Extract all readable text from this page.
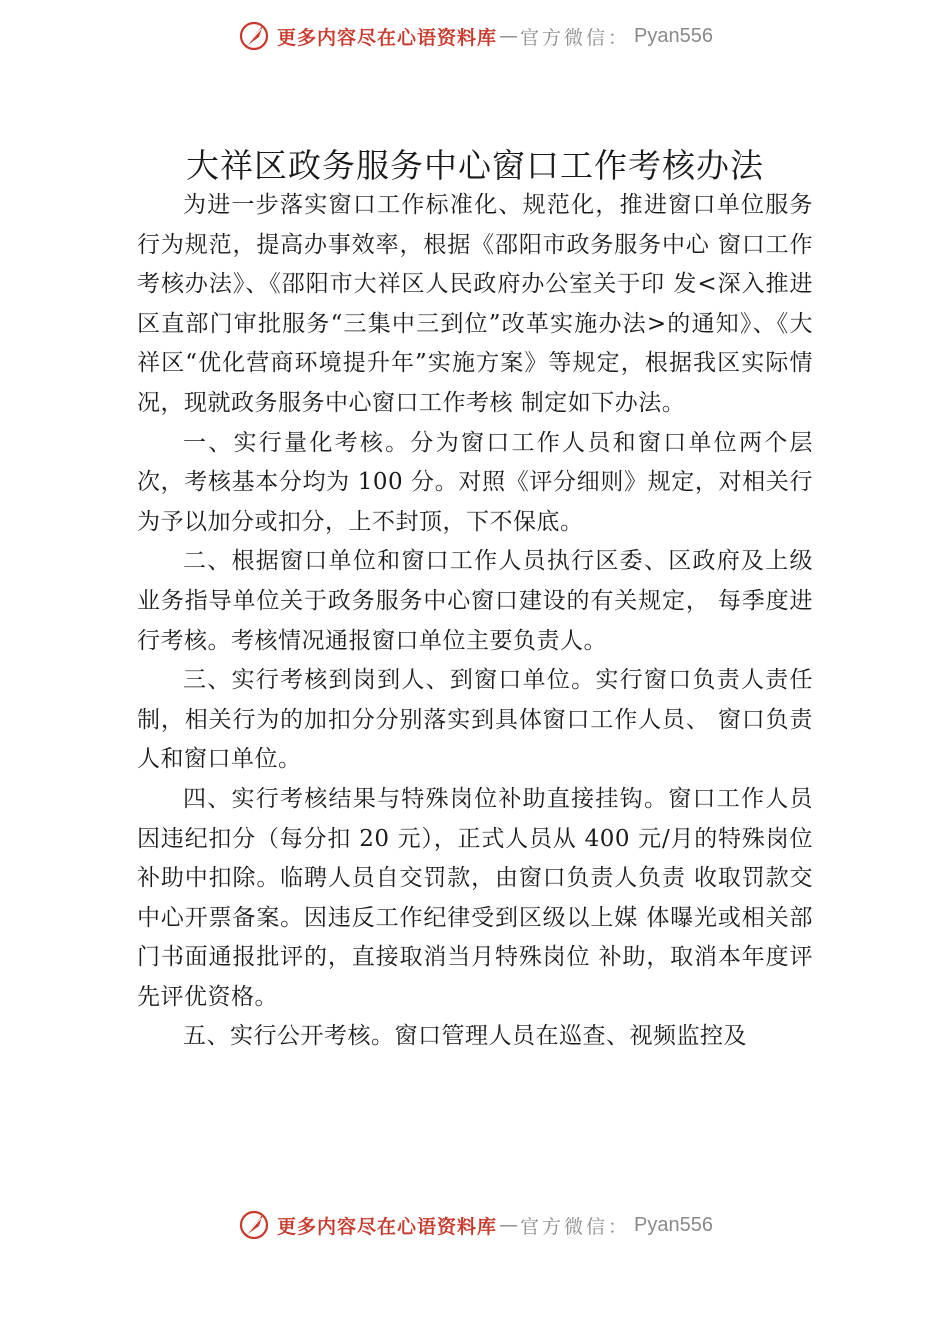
更多内容尽在心语资料库 — 官方微信： Pyan556
大祥区政务服务中心窗口工作考核办法

为进一步落实窗口工作标准化、规范化，推进窗口单位服务行为规范，提高办事效率，根据《邵阳市政务服务中心 窗口工作考核办法》、《邵阳市大祥区人民政府办公室关于印 发<深入推进区直部门审批服务“三集中三到位”改革实施办法>的通知》、《大祥区“优化营商环境提升年”实施方案》等规定，根据我区实际情况，现就政务服务中心窗口工作考核 制定如下办法。

一、实行量化考核。分为窗口工作人员和窗口单位两个层次，考核基本分均为 100 分。对照《评分细则》规定，对相关行为予以加分或扣分，上不封顶，下不保底。

二、根据窗口单位和窗口工作人员执行区委、区政府及上级业务指导单位关于政务服务中心窗口建设的有关规定， 每季度进行考核。考核情况通报窗口单位主要负责人。

三、实行考核到岗到人、到窗口单位。实行窗口负责人责任制，相关行为的加扣分分别落实到具体窗口工作人员、 窗口负责人和窗口单位。

四、实行考核结果与特殊岗位补助直接挂钩。窗口工作人员因违纪扣分（每分扣 20 元），正式人员从 400 元/月的特殊岗位补助中扣除。临聘人员自交罚款，由窗口负责人负责 收取罚款交中心开票备案。因违反工作纪律受到区级以上媒 体曝光或相关部门书面通报批评的，直接取消当月特殊岗位 补助，取消本年度评先评优资格。

五、实行公开考核。窗口管理人员在巡查、视频监控及

更多内容尽在心语资料库 — 官方微信： Pyan556
